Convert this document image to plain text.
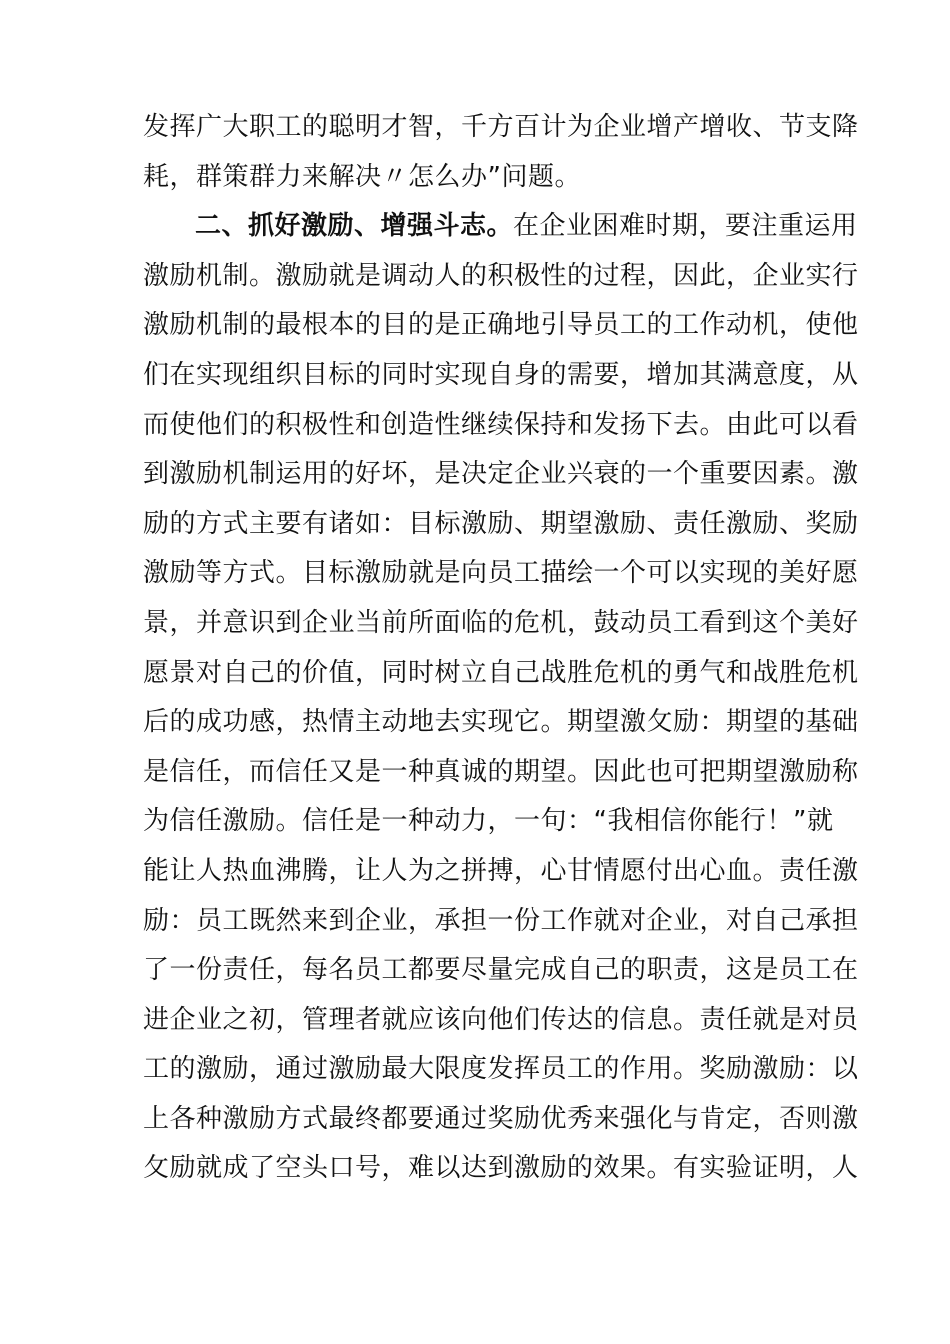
发挥广大职工的聪明才智，千方百计为企业增产增收、节支降
耗，群策群力来解决〃怎么办”问题。
二、抓好激励、增强斗志。在企业困难时期，要注重运用
激励机制。激励就是调动人的积极性的过程，因此，企业实行
激励机制的最根本的目的是正确地引导员工的工作动机，使他
们在实现组织目标的同时实现自身的需要，增加其满意度，从
而使他们的积极性和创造性继续保持和发扬下去。由此可以看
到激励机制运用的好坏，是决定企业兴衰的一个重要因素。激
励的方式主要有诸如：目标激励、期望激励、责任激励、奖励
激励等方式。目标激励就是向员工描绘一个可以实现的美好愿
景，并意识到企业当前所面临的危机，鼓动员工看到这个美好
愿景对自己的价值，同时树立自己战胜危机的勇气和战胜危机
后的成功感，热情主动地去实现它。期望激攵励：期望的基础
是信任，而信任又是一种真诚的期望。因此也可把期望激励称
为信任激励。信任是一种动力，一句：“我相信你能行！”就
能让人热血沸腾，让人为之拼搏，心甘情愿付出心血。责任激
励：员工既然来到企业，承担一份工作就对企业，对自己承担
了一份责任，每名员工都要尽量完成自己的职责，这是员工在
进企业之初，管理者就应该向他们传达的信息。责任就是对员
工的激励，通过激励最大限度发挥员工的作用。奖励激励：以
上各种激励方式最终都要通过奖励优秀来强化与肯定，否则激
攵励就成了空头口号，难以达到激励的效果。有实验证明，人
